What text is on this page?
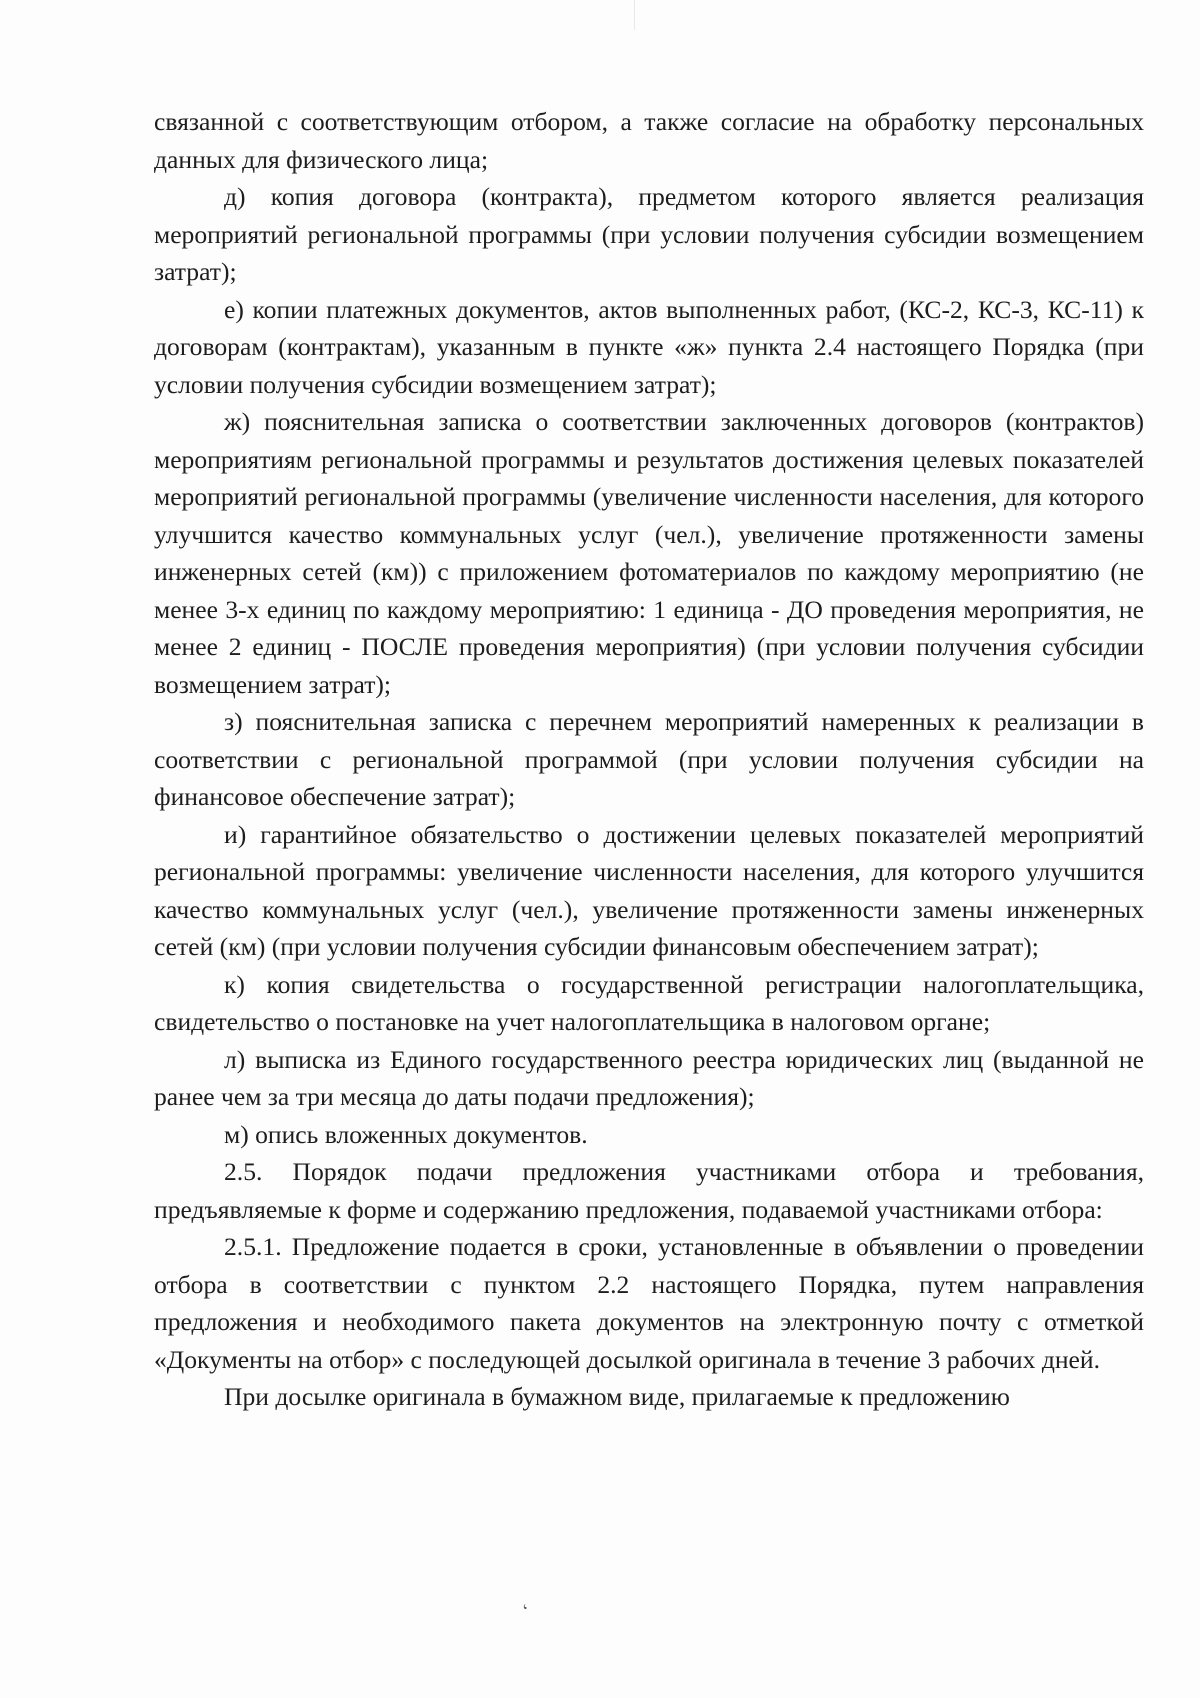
связанной с соответствующим отбором, а также согласие на обработку персональных данных для физического лица;

д) копия договора (контракта), предметом которого является реализация мероприятий региональной программы (при условии получения субсидии возмещением затрат);

е) копии платежных документов, актов выполненных работ, (КС-2, КС-3, КС-11) к договорам (контрактам), указанным в пункте «ж» пункта 2.4 настоящего Порядка (при условии получения субсидии возмещением затрат);

ж) пояснительная записка о соответствии заключенных договоров (контрактов) мероприятиям региональной программы и результатов достижения целевых показателей мероприятий региональной программы (увеличение численности населения, для которого улучшится качество коммунальных услуг (чел.), увеличение протяженности замены инженерных сетей (км)) с приложением фотоматериалов по каждому мероприятию (не менее 3-х единиц по каждому мероприятию: 1 единица - ДО проведения мероприятия, не менее 2 единиц - ПОСЛЕ проведения мероприятия) (при условии получения субсидии возмещением затрат);

з) пояснительная записка с перечнем мероприятий намеренных к реализации в соответствии с региональной программой (при условии получения субсидии на финансовое обеспечение затрат);

и) гарантийное обязательство о достижении целевых показателей мероприятий региональной программы: увеличение численности населения, для которого улучшится качество коммунальных услуг (чел.), увеличение протяженности замены инженерных сетей (км) (при условии получения субсидии финансовым обеспечением затрат);

к) копия свидетельства о государственной регистрации налогоплательщика, свидетельство о постановке на учет налогоплательщика в налоговом органе;

л) выписка из Единого государственного реестра юридических лиц (выданной не ранее чем за три месяца до даты подачи предложения);

м) опись вложенных документов.

2.5. Порядок подачи предложения участниками отбора и требования, предъявляемые к форме и содержанию предложения, подаваемой участниками отбора:

2.5.1. Предложение подается в сроки, установленные в объявлении о проведении отбора в соответствии с пунктом 2.2 настоящего Порядка, путем направления предложения и необходимого пакета документов на электронную почту с отметкой «Документы на отбор» с последующей досылкой оригинала в течение 3 рабочих дней.

При досылке оригинала в бумажном виде, прилагаемые к предложению

‘
